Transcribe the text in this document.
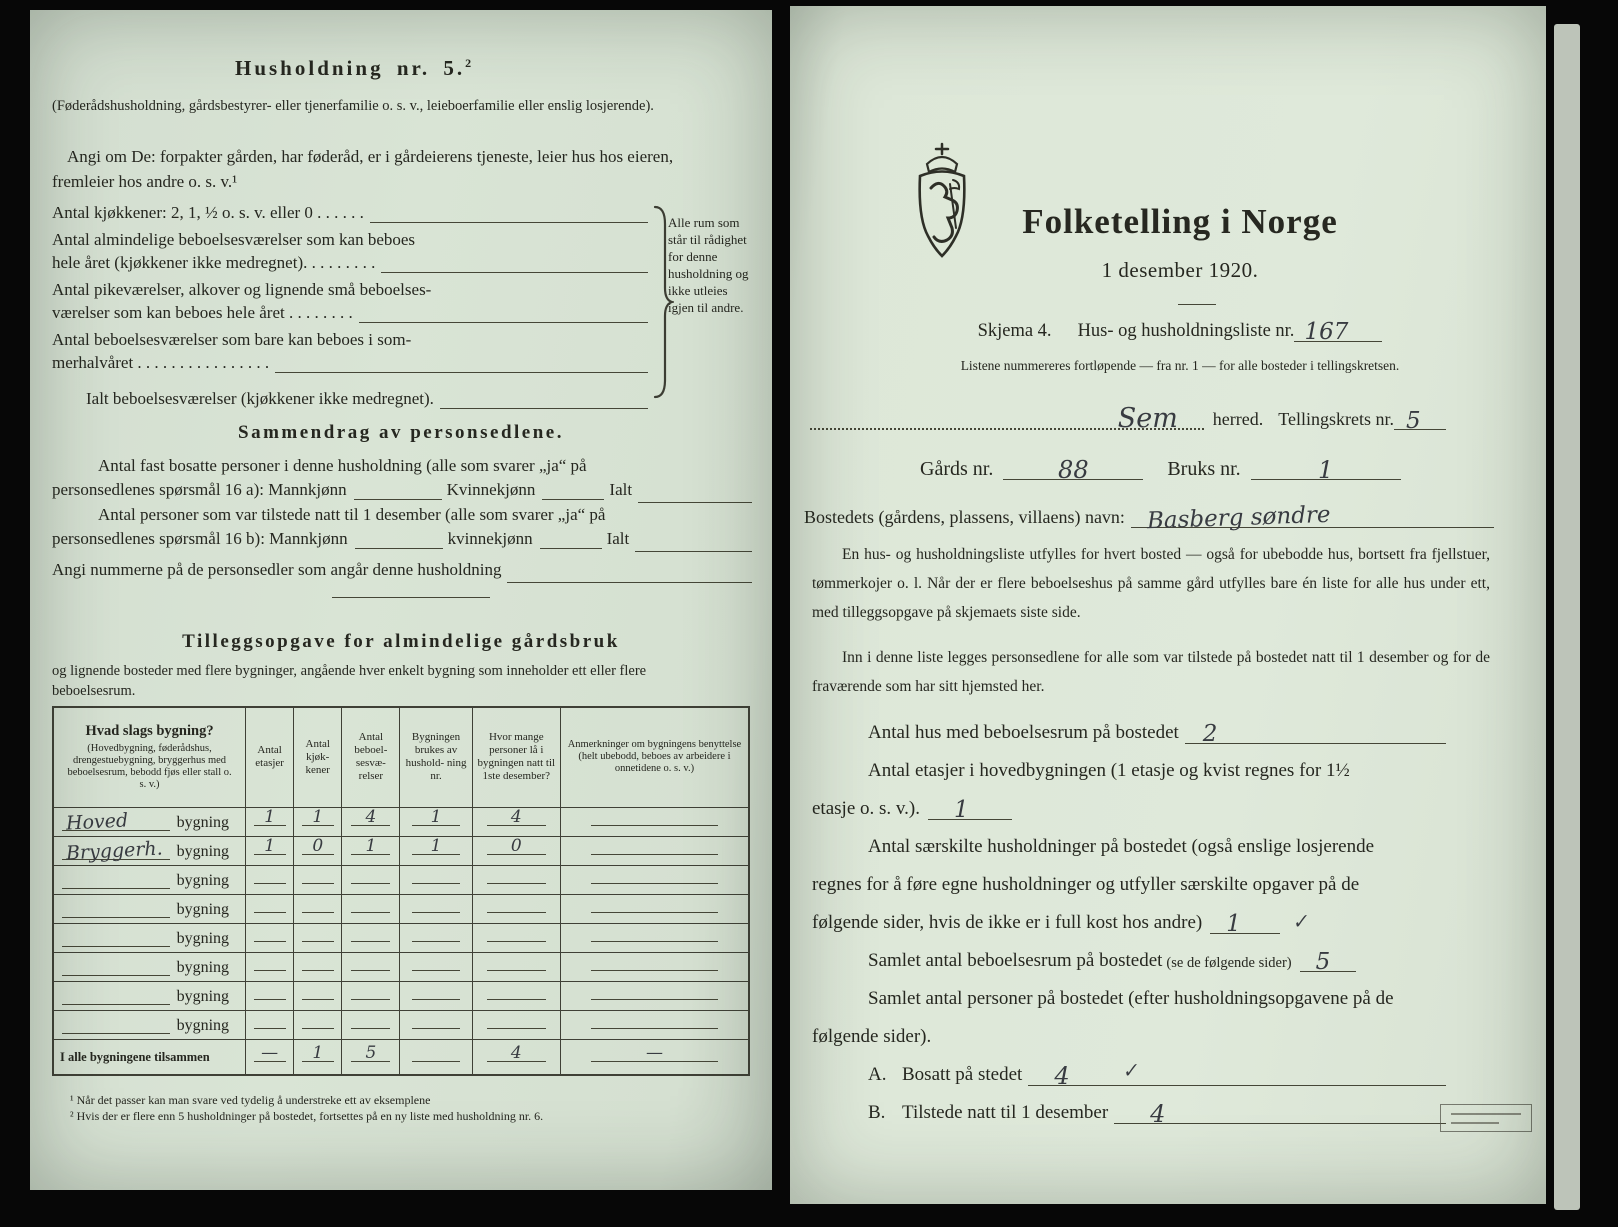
Husholdning nr. 5.$^2$

(Føderådshusholdning, gårdsbestyrer- eller tjenerfamilie o. s. v., leieboerfamilie eller enslig losjerende).

Angi om De: forpakter gården, har føderåd, er i gårdeierens tjeneste, leier hus hos eieren, fremleier hos andre o. s. v.¹

Antal kjøkkener: 2, 1, ½ o. s. v. eller 0 . . . . . .
Antal almindelige beboelsesværelser som kan beboes
hele året (kjøkkener ikke medregnet). . . . . . . . .
Antal pikeværelser, alkover og lignende små beboelses-
værelser som kan beboes hele året . . . . . . . .
Antal beboelsesværelser som bare kan beboes i som-
merhalvåret . . . . . . . . . . . . . . . .
Ialt beboelsesværelser (kjøkkener ikke medregnet).
Alle rum som står til rådighet for denne husholdning og ikke utleies igjen til andre.
Sammendrag av personsedlene.
Antal fast bosatte personer i denne husholdning (alle som svarer „ja“ på
personsedlenes spørsmål 16 a): Mannkjønn	Kvinnekjønn	Ialt
Antal personer som var tilstede natt til 1 desember (alle som svarer „ja“ på
personsedlenes spørsmål 16 b): Mannkjønn	kvinnekjønn	Ialt
Angi nummerne på de personsedler som angår denne husholdning
Tilleggsopgave for almindelige gårdsbruk

og lignende bosteder med flere bygninger, angående hver enkelt bygning som inneholder ett eller flere beboelsesrum.

Hvad slags bygning?
(Hovedbygning, føderådshus, drengestuebygning, bryggerhus med beboelsesrum, bebodd fjøs eller stall o. s. v.)	Antal etasjer	Antal kjøk- kener	Antal beboel- sesvæ- relser	Bygningen brukes av hushold- ning nr.	Hvor mange personer lå i bygningen natt til 1ste desember?	Anmerkninger om bygningens benyttelse (helt ubebodd, beboes av arbeidere i onnetidene o. s. v.)

Hoved bygning	1	1	4	1	4	

Bryggerh. bygning	1	0	1	1	0	

bygning						

bygning						

bygning						

bygning						

bygning						

bygning						

I alle bygningene tilsammen	—	1	5		4	—

¹ Når det passer kan man svare ved tydelig å understreke ett av eksemplene

² Hvis der er flere enn 5 husholdninger på bostedet, fortsettes på en ny liste med husholdning nr. 6.

Folketelling i Norge
1 desember 1920.
Skjema 4. Hus- og husholdningsliste nr. 167
Listene nummereres fortløpende — fra nr. 1 — for alle bosteder i tellingskretsen.
Sem herred. Tellingskrets nr. 5
Gårds nr.	88	Bruks nr.	1
Bostedets (gårdens, plassens, villaens) navn: Basberg søndre

En hus- og husholdningsliste utfylles for hvert bosted — også for ubebodde hus, bortsett fra fjellstuer, tømmerkojer o. l. Når der er flere beboelseshus på samme gård utfylles bare én liste for alle hus under ett, med tilleggsopgave på skjemaets siste side.

Inn i denne liste legges personsedlene for alle som var tilstede på bostedet natt til 1 desember og for de fraværende som har sitt hjemsted her.

Antal hus med beboelsesrum på bostedet 2
Antal etasjer i hovedbygningen (1 etasje og kvist regnes for 1½
etasje o. s. v.). 1
Antal særskilte husholdninger på bostedet (også enslige losjerende
regnes for å føre egne husholdninger og utfyller særskilte opgaver på de
følgende sider, hvis de ikke er i full kost hos andre) 1	✓
Samlet antal beboelsesrum på bostedet (se de følgende sider) 5
Samlet antal personer på bostedet (efter husholdningsopgavene på de
følgende sider).
A. Bosatt på stedet 4	✓
B. Tilstede natt til 1 desember 4
